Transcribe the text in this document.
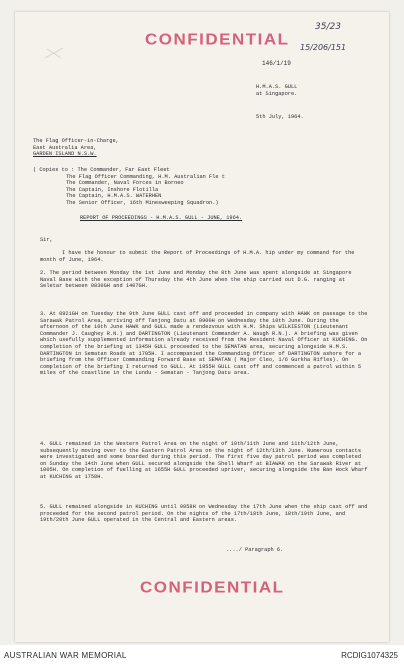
CONFIDENTIAL
35/23
15/206/151
146/1/19
H.M.A.S. GULL
at Singapore.
5th July, 1964.
The Flag Officer-in-Charge,
East Australia Area,
GARDEN ISLAND N.S.W.
( Copies to : The Commander, Far East Fleet
The Flag Officer Commanding, H.M. Australian Fle t
The Commander, Naval Forces in Borneo
The Captain, Inshore Flotilla
The Captain, H.M.A.S. WATERHEN
The Senior Officer, 16th Minesweeping Squadron.)
REPORT OF PROCEEDINGS - H.M.A.S. GULL - JUNE, 1964.
Sir,
I have the honour to submit the Report of Proceedings of H.M.A. hip under my command for the month of June, 1964.
2. The period between Monday the 1st June and Monday the 8th June was spent alongside at Singapore Naval Base with the exception of Thursday the 4th June when the ship carried out D.G. ranging at Seletar between 0830GH and 1407GH.
3. At 0921GH on Tuesday the 9th June GULL cast off and proceeded in company with HAWK on passage to the Sarawak Patrol Area, arriving off Tanjong Datu at 0900H on Wednesday the 10th June. During the afternoon of the 10th June HAWK and GULL made a rendezvous with H.M. Ships WILKIESTON (Lieutenant Commander J. Caughey R.N.) and DARTINGTON (Lieutenant Commander A. Waugh R.N.). A briefing was given which usefully supplemented information already received from the Resident Naval Officer at KUCHING. On completion of the briefing at 1345H GULL proceeded to the SEMATAN area, securing alongside H.M.S. DARTINGTON in Sematan Roads at 1705H. I accompanied the Commanding Officer of DARTINGTON ashore for a briefing from the Officer Commanding Forward Base at SEMATAN ( Major Cleo, 1/6 Gurkha Rifles). On completion of the briefing I returned to GULL. At 1955H GULL cast off and commenced a patrol within 5 miles of the coastline in the Lundu - Sematan - Tanjong Datu area.
4. GULL remained in the Western Patrol Area on the night of 10th/11th June and 11th/12th June, subsequently moving over to the Eastern Patrol Area on the night of 12th/13th June. Numerous contacts were investigated and some boarded during this period. The first five day patrol period was completed on Sunday the 14th June when GULL secured alongside the Shell Wharf at BIAWAK on the Sarawak River at 1005H. On completion of fuelling at 1655H GULL proceeded upriver, securing alongside the Ban Hock Wharf at KUCHING at 1758H.
5. GULL remained alongside in KUCHING until 0958H on Wednesday the 17th June when the ship cast off and proceeded for the second patrol period. On the nights of the 17th/18th June, 18th/19th June, and 19th/20th June GULL operated in the Central and Eastern areas.
..../ Paragraph 6.
CONFIDENTIAL
AUSTRALIAN WAR MEMORIAL	RCDIG1074325
